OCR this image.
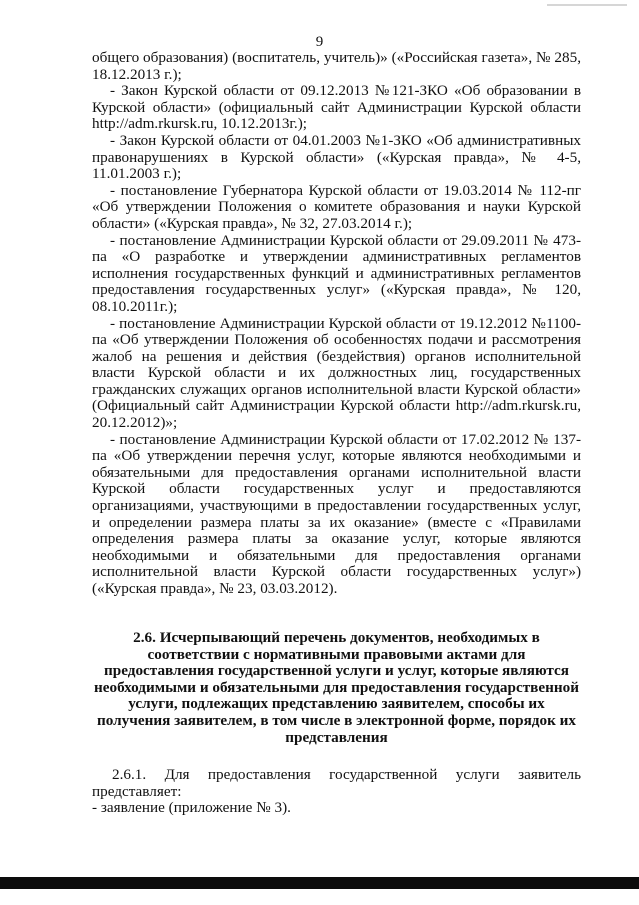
9

общего образования) (воспитатель, учитель)» («Российская газета», № 285, 18.12.2013 г.);

- Закон Курской области от 09.12.2013 №121-ЗКО «Об образовании в Курской области» (официальный сайт Администрации Курской области http://adm.rkursk.ru, 10.12.2013г.);

- Закон Курской области от 04.01.2003 №1-ЗКО «Об административных правонарушениях в Курской области» («Курская правда», № 4-5, 11.01.2003 г.);

- постановление Губернатора Курской области от 19.03.2014 № 112-пг «Об утверждении Положения о комитете образования и науки Курской области» («Курская правда», № 32, 27.03.2014 г.);

- постановление Администрации Курской области от 29.09.2011 № 473-па «О разработке и утверждении административных регламентов исполнения государственных функций и административных регламентов предоставления государственных услуг» («Курская правда», № 120, 08.10.2011г.);

- постановление Администрации Курской области от 19.12.2012 №1100-па «Об утверждении Положения об особенностях подачи и рассмотрения жалоб на решения и действия (бездействия) органов исполнительной власти Курской области и их должностных лиц, государственных гражданских служащих органов исполнительной власти Курской области» (Официальный сайт Администрации Курской области http://adm.rkursk.ru, 20.12.2012)»;

- постановление Администрации Курской области от 17.02.2012 № 137-па «Об утверждении перечня услуг, которые являются необходимыми и обязательными для предоставления органами исполнительной власти Курской области государственных услуг и предоставляются организациями, участвующими в предоставлении государственных услуг, и определении размера платы за их оказание» (вместе с «Правилами определения размера платы за оказание услуг, которые являются необходимыми и обязательными для предоставления органами исполнительной власти Курской области государственных услуг») («Курская правда», № 23, 03.03.2012).

2.6. Исчерпывающий перечень документов, необходимых в соответствии с нормативными правовыми актами для предоставления государственной услуги и услуг, которые являются необходимыми и обязательными для предоставления государственной услуги, подлежащих представлению заявителем, способы их получения заявителем, в том числе в электронной форме, порядок их представления

2.6.1. Для предоставления государственной услуги заявитель представляет:

- заявление (приложение № 3).
